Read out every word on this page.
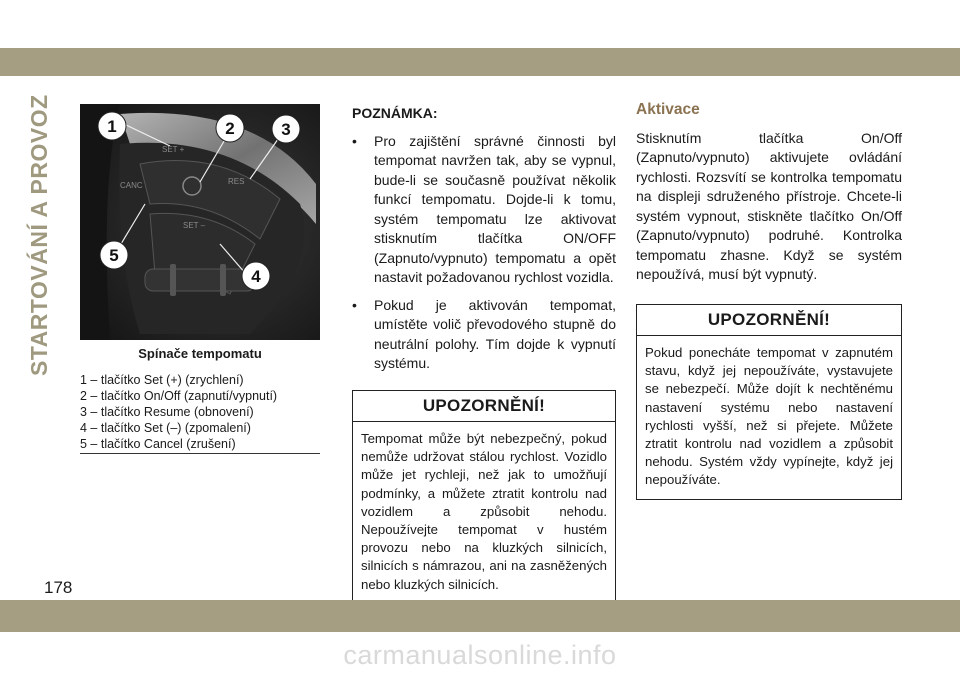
STARTOVÁNÍ A PROVOZ	SET +
RES
CANC
SET –
1	2	3
4
5
Spínače tempomatu
1 – tlačítko Set (+) (zrychlení)
2 – tlačítko On/Off (zapnutí/vypnutí)
3 – tlačítko Resume (obnovení)
4 – tlačítko Set (–) (zpomalení)
5 – tlačítko Cancel (zrušení)
POZNÁMKA:
• Pro zajištění správné činnosti byl tempomat navržen tak, aby se vypnul, bude-li se současně používat několik funkcí tempomatu. Dojde-li k tomu, systém tempomatu lze aktivovat stisknutím tlačítka ON/OFF (Zapnuto/vypnuto) tempomatu a opět nastavit požadovanou rychlost vozidla.
• Pokud je aktivován tempomat, umístěte volič převodového stupně do neutrální polohy. Tím dojde k vypnutí systému.
UPOZORNĚNÍ!
Tempomat může být nebezpečný, pokud nemůže udržovat stálou rychlost. Vozidlo může jet rychleji, než jak to umožňují podmínky, a můžete ztratit kontrolu nad vozidlem a způsobit nehodu. Nepoužívejte tempomat v hustém provozu nebo na kluzkých silnicích, silnicích s námrazou, ani na zasněžených nebo kluzkých silnicích.
Aktivace

Stisknutím tlačítka On/Off (Zapnuto/vypnuto) aktivujete ovládání rychlosti. Rozsvítí se kontrolka tempomatu na displeji sdruženého přístroje. Chcete-li systém vypnout, stiskněte tlačítko On/Off (Zapnuto/vypnuto) podruhé. Kontrolka tempomatu zhasne. Když se systém nepoužívá, musí být vypnutý.

UPOZORNĚNÍ!
Pokud ponecháte tempomat v zapnutém stavu, když jej nepoužíváte, vystavujete se nebezpečí. Může dojít k nechtěnému nastavení systému nebo nastavení rychlosti vyšší, než si přejete. Můžete ztratit kontrolu nad vozidlem a způsobit nehodu. Systém vždy vypínejte, když jej nepoužíváte.
178
carmanualsonline.info
